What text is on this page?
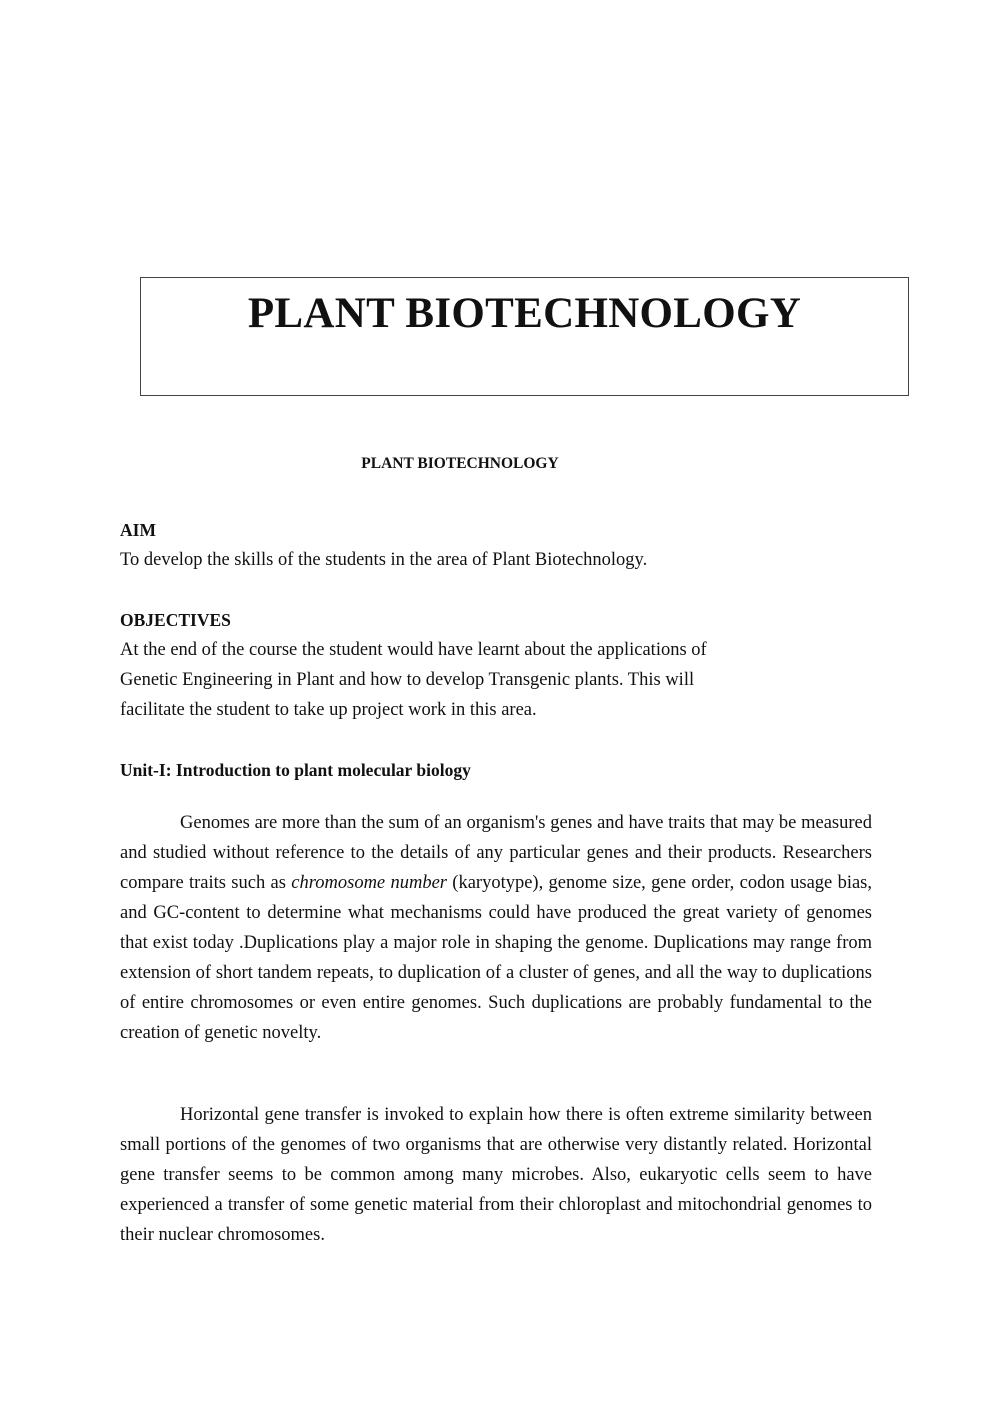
PLANT BIOTECHNOLOGY
PLANT BIOTECHNOLOGY
AIM
To develop the skills of the students in the area of Plant Biotechnology.
OBJECTIVES
At the end of the course the student would have learnt about the applications of
Genetic Engineering in Plant and how to develop Transgenic plants. This will
facilitate the student to take up project work in this area.
Unit-I: Introduction to plant molecular biology
Genomes are more than the sum of an organism's genes and have traits that may be measured and studied without reference to the details of any particular genes and their products. Researchers compare traits such as chromosome number (karyotype), genome size, gene order, codon usage bias, and GC-content to determine what mechanisms could have produced the great variety of genomes that exist today .Duplications play a major role in shaping the genome. Duplications may range from extension of short tandem repeats, to duplication of a cluster of genes, and all the way to duplications of entire chromosomes or even entire genomes. Such duplications are probably fundamental to the creation of genetic novelty.
Horizontal gene transfer is invoked to explain how there is often extreme similarity between small portions of the genomes of two organisms that are otherwise very distantly related. Horizontal gene transfer seems to be common among many microbes. Also, eukaryotic cells seem to have experienced a transfer of some genetic material from their chloroplast and mitochondrial genomes to their nuclear chromosomes.
